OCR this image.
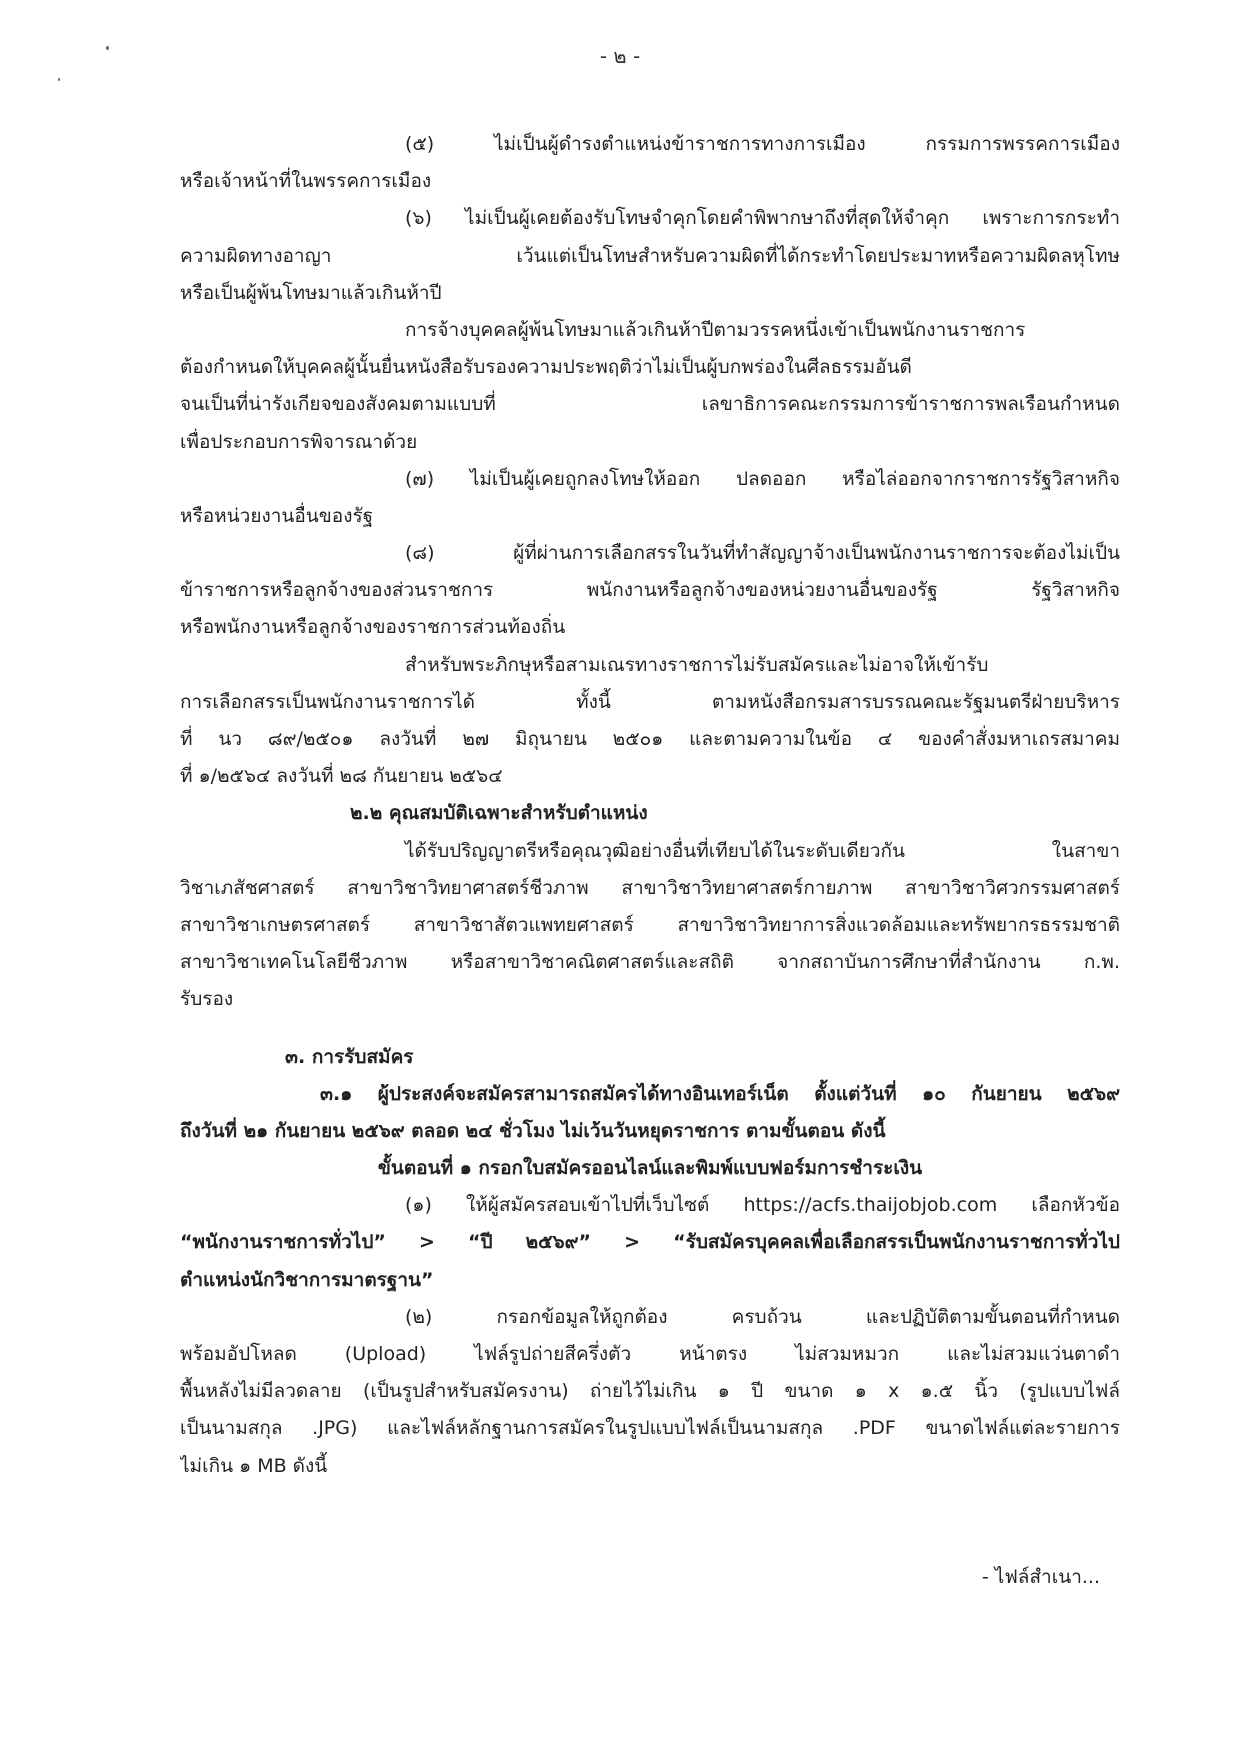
- ๒ -
(๕) ไม่เป็นผู้ดำรงตำแหน่งข้าราชการทางการเมือง กรรมการพรรคการเมือง
หรือเจ้าหน้าที่ในพรรคการเมือง
(๖) ไม่เป็นผู้เคยต้องรับโทษจำคุกโดยคำพิพากษาถึงที่สุดให้จำคุก เพราะการกระทำ
ความผิดทางอาญา เว้นแต่เป็นโทษสำหรับความผิดที่ได้กระทำโดยประมาทหรือความผิดลหุโทษ
หรือเป็นผู้พ้นโทษมาแล้วเกินห้าปี
การจ้างบุคคลผู้พ้นโทษมาแล้วเกินห้าปีตามวรรคหนึ่งเข้าเป็นพนักงานราชการ
ต้องกำหนดให้บุคคลผู้นั้นยื่นหนังสือรับรองความประพฤติว่าไม่เป็นผู้บกพร่องในศีลธรรมอันดี
จนเป็นที่น่ารังเกียจของสังคมตามแบบที่ เลขาธิการคณะกรรมการข้าราชการพลเรือนกำหนด
เพื่อประกอบการพิจารณาด้วย
(๗) ไม่เป็นผู้เคยถูกลงโทษให้ออก ปลดออก หรือไล่ออกจากราชการรัฐวิสาหกิจ
หรือหน่วยงานอื่นของรัฐ
(๘) ผู้ที่ผ่านการเลือกสรรในวันที่ทำสัญญาจ้างเป็นพนักงานราชการจะต้องไม่เป็น
ข้าราชการหรือลูกจ้างของส่วนราชการ พนักงานหรือลูกจ้างของหน่วยงานอื่นของรัฐ รัฐวิสาหกิจ
หรือพนักงานหรือลูกจ้างของราชการส่วนท้องถิ่น
สำหรับพระภิกษุหรือสามเณรทางราชการไม่รับสมัครและไม่อาจให้เข้ารับ
การเลือกสรรเป็นพนักงานราชการได้ ทั้งนี้ ตามหนังสือกรมสารบรรณคณะรัฐมนตรีฝ่ายบริหาร
ที่ นว ๘๙/๒๕๐๑ ลงวันที่ ๒๗ มิถุนายน ๒๕๐๑ และตามความในข้อ ๔ ของคำสั่งมหาเถรสมาคม
ที่ ๑/๒๕๖๔ ลงวันที่ ๒๘ กันยายน ๒๕๖๔
๒.๒ คุณสมบัติเฉพาะสำหรับตำแหน่ง
ได้รับปริญญาตรีหรือคุณวุฒิอย่างอื่นที่เทียบได้ในระดับเดียวกัน ในสาขา
วิชาเภสัชศาสตร์ สาขาวิชาวิทยาศาสตร์ชีวภาพ สาขาวิชาวิทยาศาสตร์กายภาพ สาขาวิชาวิศวกรรมศาสตร์
สาขาวิชาเกษตรศาสตร์ สาขาวิชาสัตวแพทยศาสตร์ สาขาวิชาวิทยาการสิ่งแวดล้อมและทรัพยากรธรรมชาติ
สาขาวิชาเทคโนโลยีชีวภาพ หรือสาขาวิชาคณิตศาสตร์และสถิติ จากสถาบันการศึกษาที่สำนักงาน ก.พ.
รับรอง
๓. การรับสมัคร
๓.๑ ผู้ประสงค์จะสมัครสามารถสมัครได้ทางอินเทอร์เน็ต ตั้งแต่วันที่ ๑๐ กันยายน ๒๕๖๙
ถึงวันที่ ๒๑ กันยายน ๒๕๖๙ ตลอด ๒๔ ชั่วโมง ไม่เว้นวันหยุดราชการ ตามขั้นตอน ดังนี้
ขั้นตอนที่ ๑ กรอกใบสมัครออนไลน์และพิมพ์แบบฟอร์มการชำระเงิน
(๑) ให้ผู้สมัครสอบเข้าไปที่เว็บไซต์ https://acfs.thaijobjob.com เลือกหัวข้อ
“พนักงานราชการทั่วไป” > “ปี ๒๕๖๙” > “รับสมัครบุคคลเพื่อเลือกสรรเป็นพนักงานราชการทั่วไป
ตำแหน่งนักวิชาการมาตรฐาน”
(๒) กรอกข้อมูลให้ถูกต้อง ครบถ้วน และปฏิบัติตามขั้นตอนที่กำหนด
พร้อมอัปโหลด (Upload) ไฟล์รูปถ่ายสีครึ่งตัว หน้าตรง ไม่สวมหมวก และไม่สวมแว่นตาดำ
พื้นหลังไม่มีลวดลาย (เป็นรูปสำหรับสมัครงาน) ถ่ายไว้ไม่เกิน ๑ ปี ขนาด ๑ x ๑.๕ นิ้ว (รูปแบบไฟล์
เป็นนามสกุล .JPG) และไฟล์หลักฐานการสมัครในรูปแบบไฟล์เป็นนามสกุล .PDF ขนาดไฟล์แต่ละรายการ
ไม่เกิน ๑ MB ดังนี้
- ไฟล์สำเนา...
